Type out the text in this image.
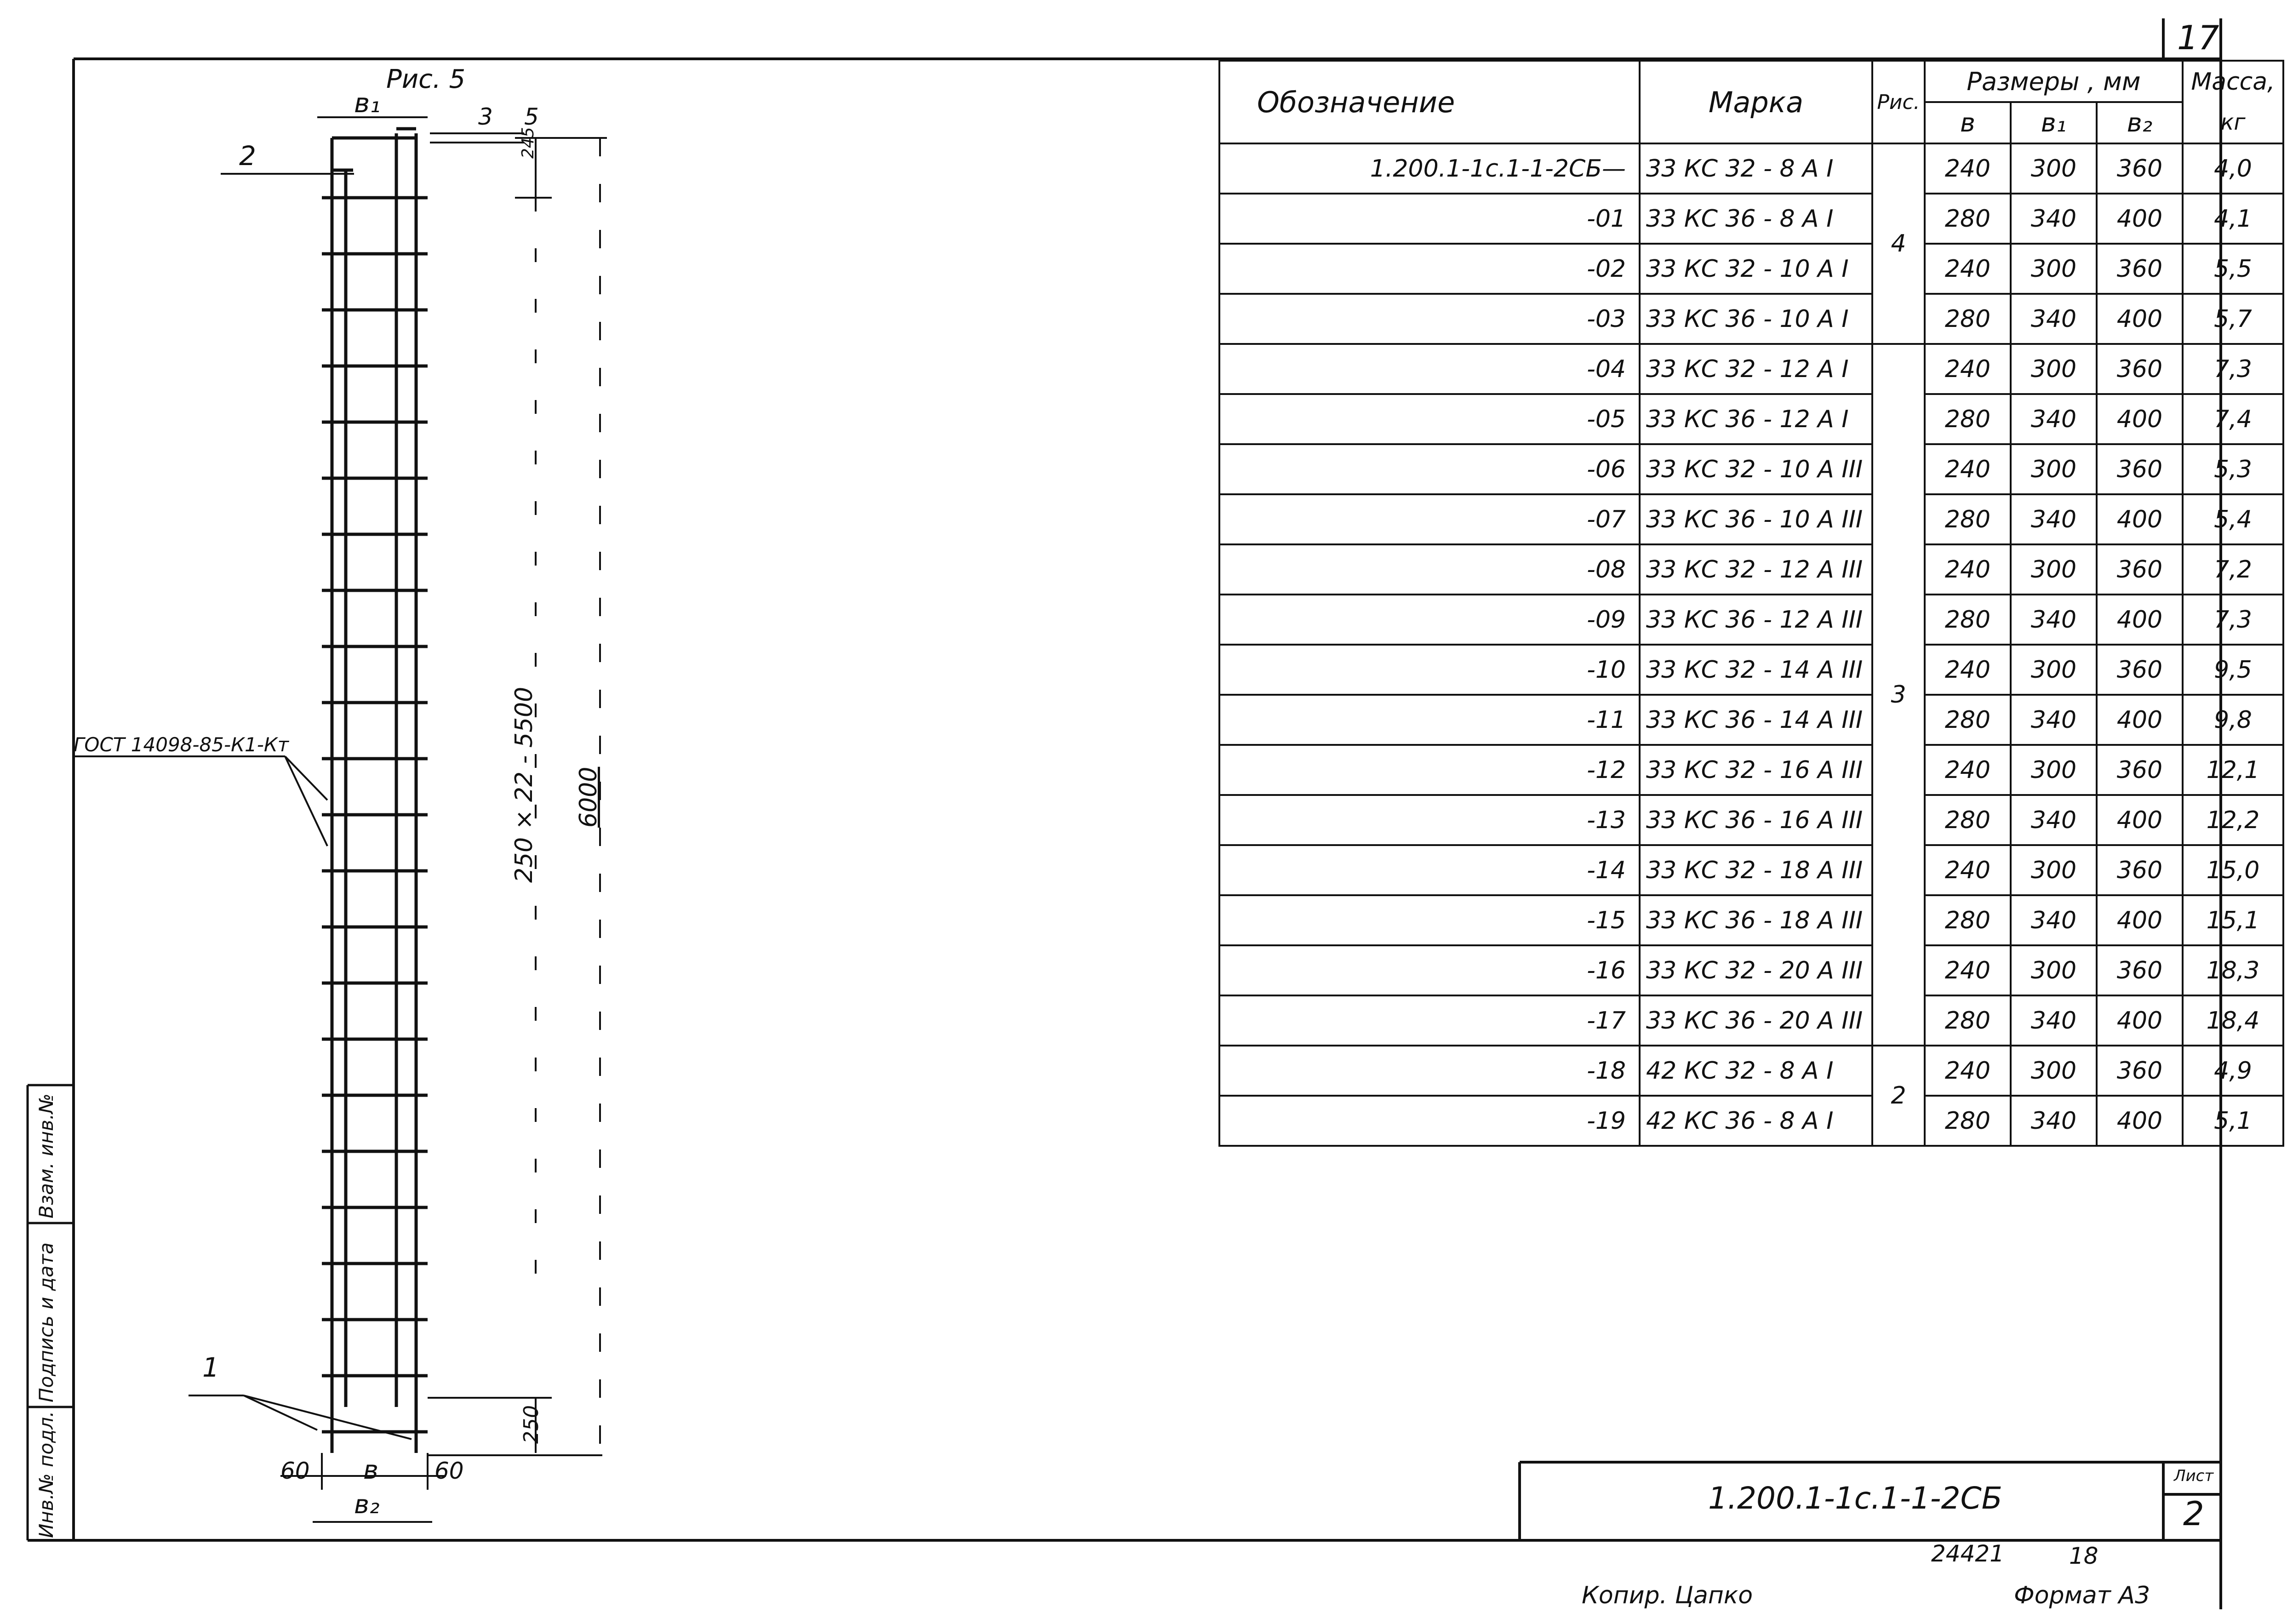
17
Рис. 5
в₁	3 5
245
2
ГОСТ 14098-85-К1-Кт	250 × 22 - 5500 6000
250
1
60 в 60
в₂
Инв.№ подл.
Подпись и дата
Взам. инв.№
Обозначение	Марка	Рис.	Размеры , мм			Масса,
			в	в₁	в₂	кг
1.200.1-1с.1-1-2СБ—	33 КС 32 - 8 А I	4	240	300	360	4,0
-01	33 КС 36 - 8 А I		280	340	400	4,1
-02	33 КС 32 - 10 А I		240	300	360	5,5
-03	33 КС 36 - 10 А I		280	340	400	5,7
-04	33 КС 32 - 12 А I	3	240	300	360	7,3
-05	33 КС 36 - 12 А I		280	340	400	7,4
-06	33 КС 32 - 10 А III		240	300	360	5,3
-07	33 КС 36 - 10 А III		280	340	400	5,4
-08	33 КС 32 - 12 А III		240	300	360	7,2
-09	33 КС 36 - 12 А III		280	340	400	7,3
-10	33 КС 32 - 14 А III		240	300	360	9,5
-11	33 КС 36 - 14 А III		280	340	400	9,8
-12	33 КС 32 - 16 А III		240	300	360	12,1
-13	33 КС 36 - 16 А III		280	340	400	12,2
-14	33 КС 32 - 18 А III		240	300	360	15,0
-15	33 КС 36 - 18 А III		280	340	400	15,1
-16	33 КС 32 - 20 А III		240	300	360	18,3
-17	33 КС 36 - 20 А III		280	340	400	18,4
-18	42 КС 32 - 8 А I	2	240	300	360	4,9
-19	42 КС 36 - 8 А I		280	340	400	5,1
1.200.1-1с.1-1-2СБ
Лист
2
24421	18
Копир. Цапко	Формат А3
